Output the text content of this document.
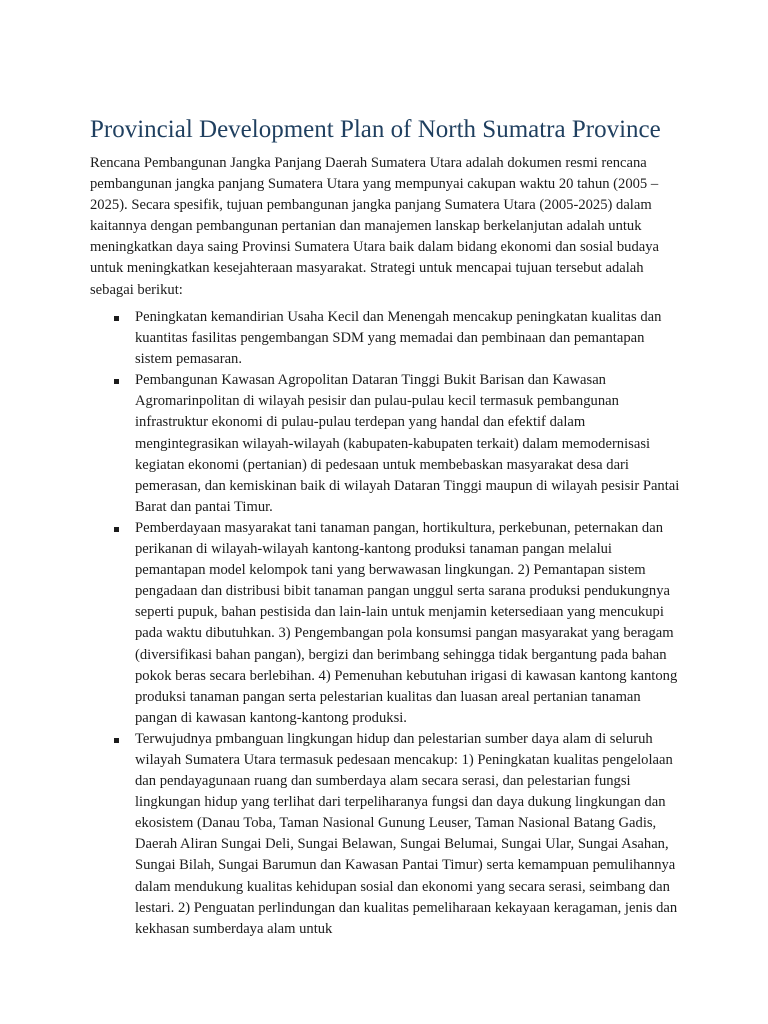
Provincial Development Plan of North Sumatra Province

Rencana Pembangunan Jangka Panjang Daerah Sumatera Utara adalah dokumen resmi rencana pembangunan jangka panjang Sumatera Utara yang mempunyai cakupan waktu 20 tahun (2005 – 2025). Secara spesifik, tujuan pembangunan jangka panjang Sumatera Utara (2005-2025) dalam kaitannya dengan pembangunan pertanian dan manajemen lanskap berkelanjutan adalah untuk meningkatkan daya saing Provinsi Sumatera Utara baik dalam bidang ekonomi dan sosial budaya untuk meningkatkan kesejahteraan masyarakat. Strategi untuk mencapai tujuan tersebut adalah sebagai berikut:

Peningkatan kemandirian Usaha Kecil dan Menengah mencakup peningkatan kualitas dan kuantitas fasilitas pengembangan SDM yang memadai dan pembinaan dan pemantapan sistem pemasaran.
Pembangunan Kawasan Agropolitan Dataran Tinggi Bukit Barisan dan Kawasan Agromarinpolitan di wilayah pesisir dan pulau-pulau kecil termasuk pembangunan infrastruktur ekonomi di pulau-pulau terdepan yang handal dan efektif dalam mengintegrasikan wilayah-wilayah (kabupaten-kabupaten terkait) dalam memodernisasi kegiatan ekonomi (pertanian) di pedesaan untuk membebaskan masyarakat desa dari pemerasan, dan kemiskinan baik di wilayah Dataran Tinggi maupun di wilayah pesisir Pantai Barat dan pantai Timur.
Pemberdayaan masyarakat tani tanaman pangan, hortikultura, perkebunan, peternakan dan perikanan di wilayah-wilayah kantong-kantong produksi tanaman pangan melalui pemantapan model kelompok tani yang berwawasan lingkungan. 2) Pemantapan sistem pengadaan dan distribusi bibit tanaman pangan unggul serta sarana produksi pendukungnya seperti pupuk, bahan pestisida dan lain-lain untuk menjamin ketersediaan yang mencukupi pada waktu dibutuhkan. 3) Pengembangan pola konsumsi pangan masyarakat yang beragam (diversifikasi bahan pangan), bergizi dan berimbang sehingga tidak bergantung pada bahan pokok beras secara berlebihan. 4) Pemenuhan kebutuhan irigasi di kawasan kantong kantong produksi tanaman pangan serta pelestarian kualitas dan luasan areal pertanian tanaman pangan di kawasan kantong-kantong produksi.
Terwujudnya pmbanguan lingkungan hidup dan pelestarian sumber daya alam di seluruh wilayah Sumatera Utara termasuk pedesaan mencakup: 1) Peningkatan kualitas pengelolaan dan pendayagunaan ruang dan sumberdaya alam secara serasi, dan pelestarian fungsi lingkungan hidup yang terlihat dari terpeliharanya fungsi dan daya dukung lingkungan dan ekosistem (Danau Toba, Taman Nasional Gunung Leuser, Taman Nasional Batang Gadis, Daerah Aliran Sungai Deli, Sungai Belawan, Sungai Belumai, Sungai Ular, Sungai Asahan, Sungai Bilah, Sungai Barumun dan Kawasan Pantai Timur) serta kemampuan pemulihannya dalam mendukung kualitas kehidupan sosial dan ekonomi yang secara serasi, seimbang dan lestari. 2) Penguatan perlindungan dan kualitas pemeliharaan kekayaan keragaman, jenis dan kekhasan sumberdaya alam untuk
